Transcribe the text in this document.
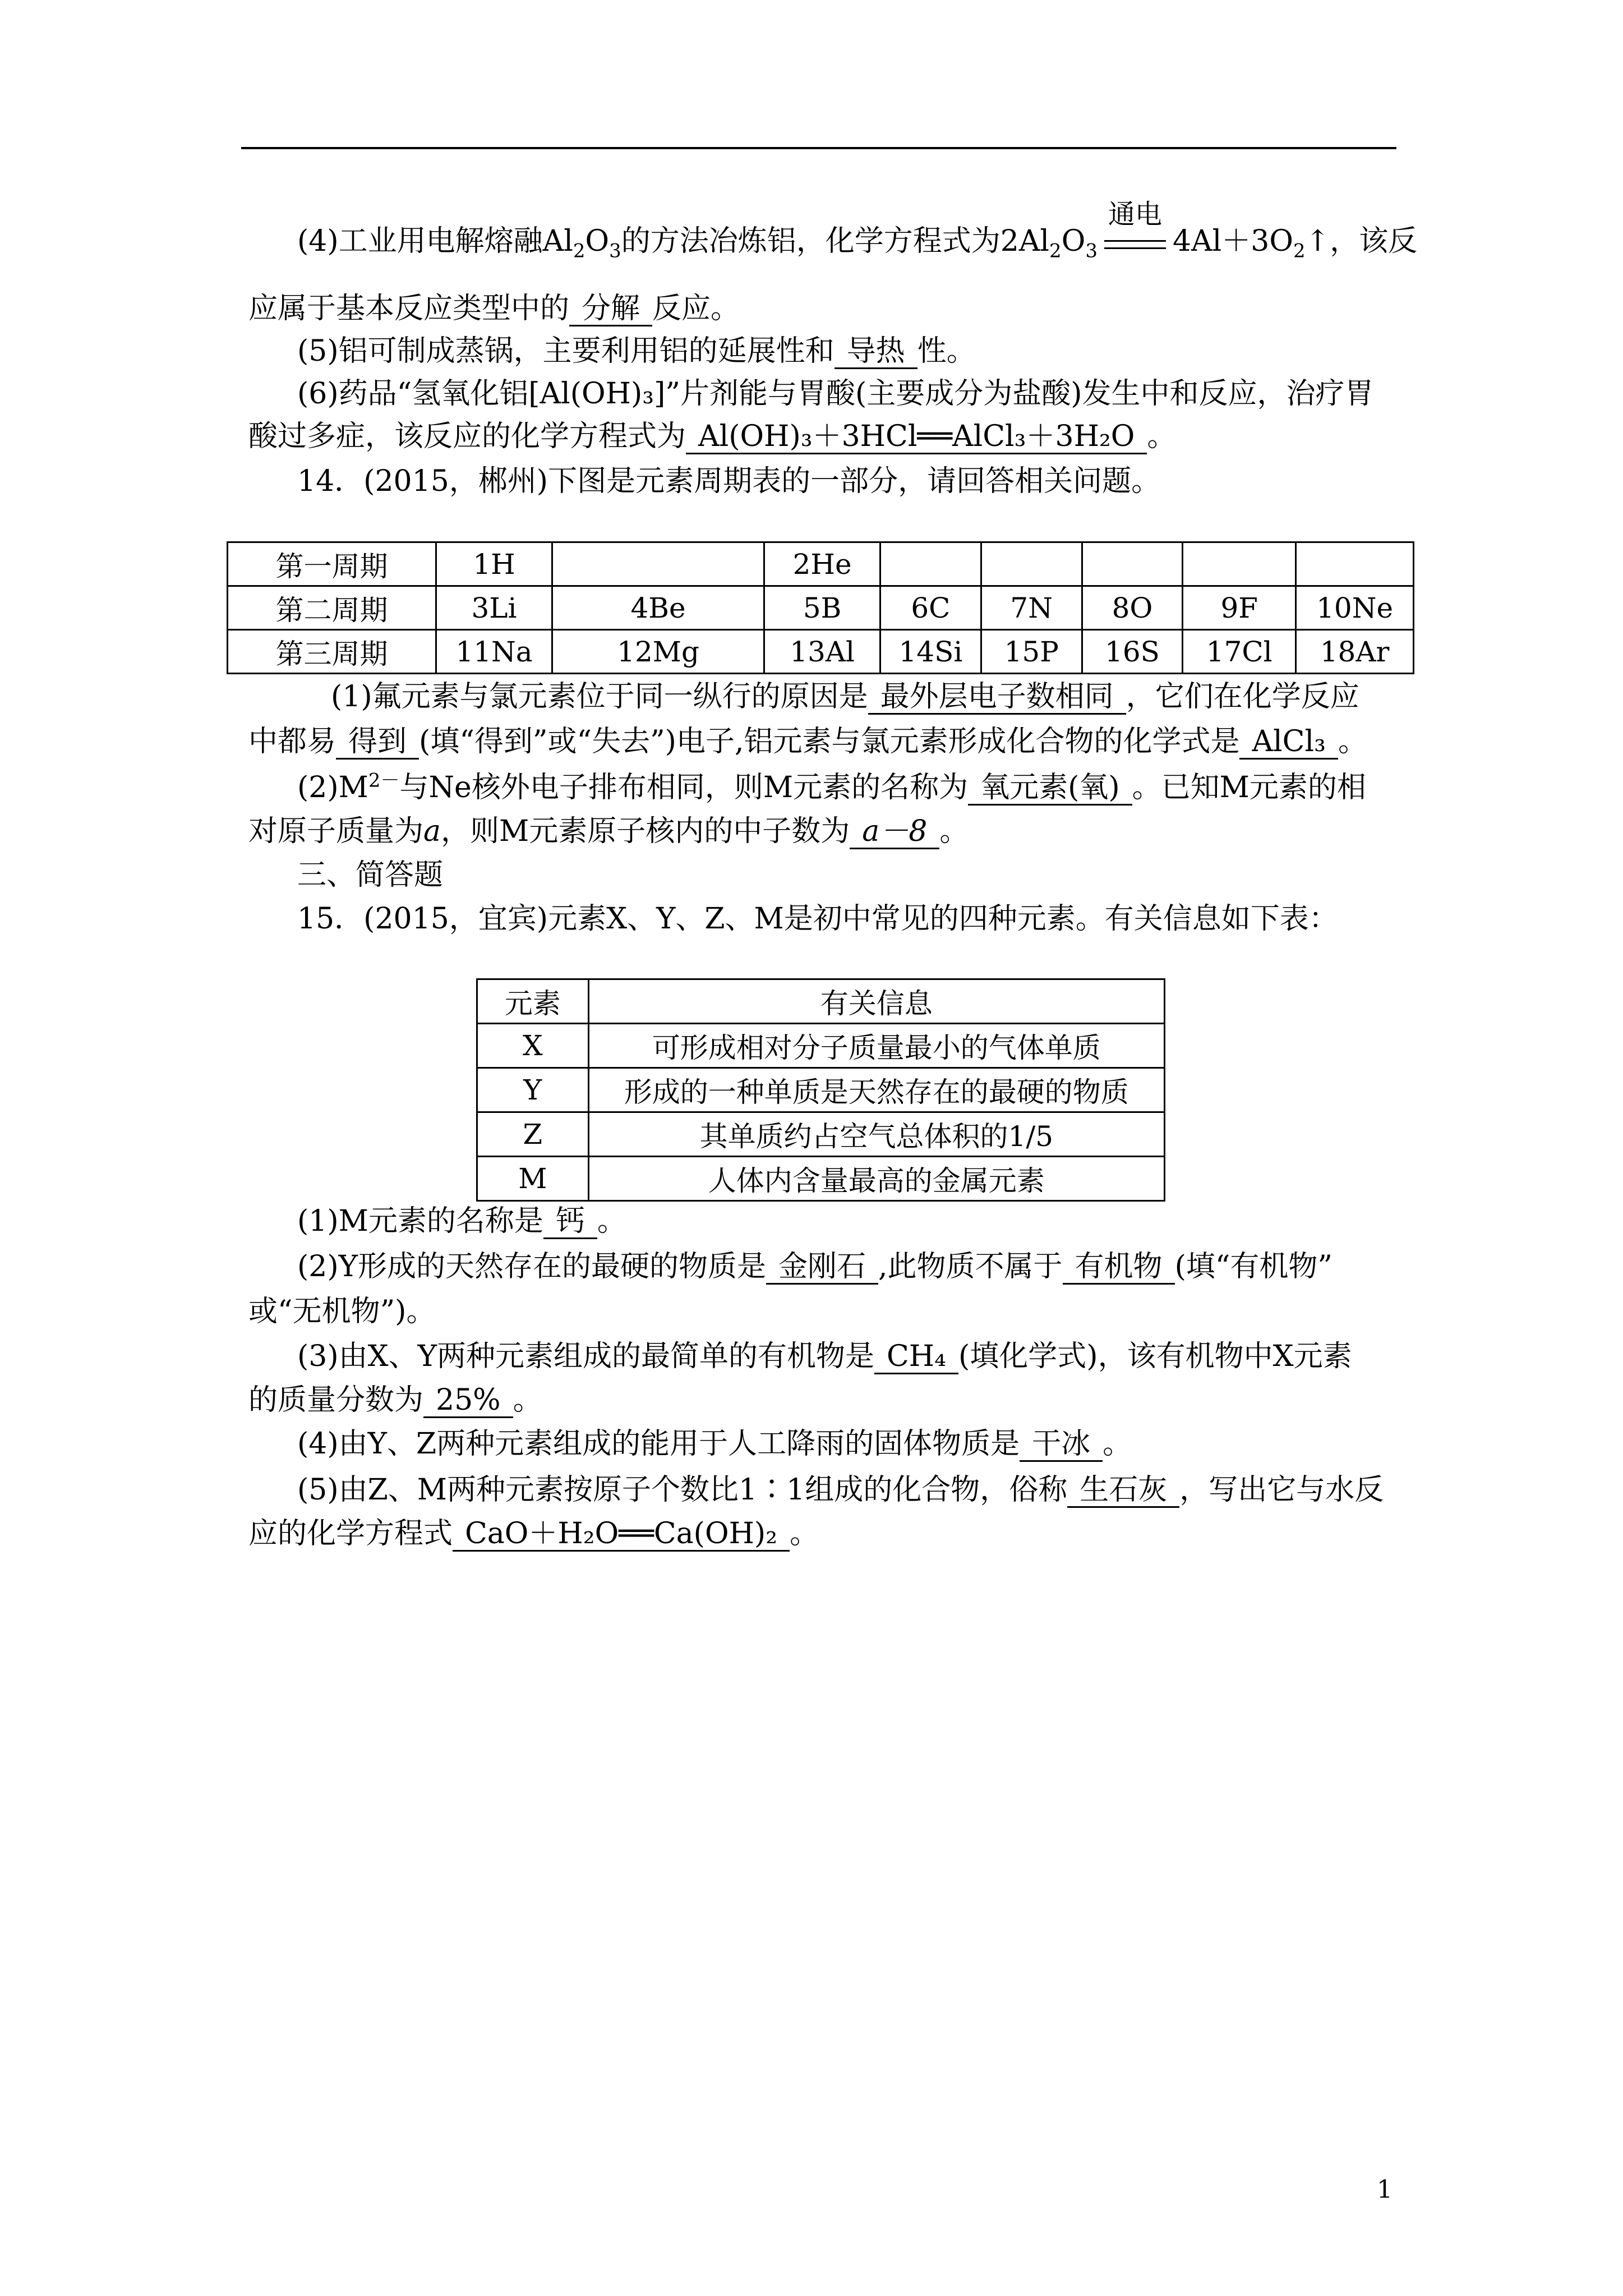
(4)工业用电解熔融$Al_2O_3$的方法冶炼铝，化学方程式为$2Al_2O_3$
通电
$4Al+3O_2↑$，该反
应属于基本反应类型中的 分解 反应。
(5)铝可制成蒸锅，主要利用铝的延展性和 导热 性。
(6)药品“氢氧化铝[Al(OH)₃]”片剂能与胃酸(主要成分为盐酸)发生中和反应，治疗胃
酸过多症，该反应的化学方程式为 Al(OH)₃＋3HCl══AlCl₃＋3H₂O 。
14．(2015，郴州)下图是元素周期表的一部分，请回答相关问题。
第一周期	1H		2He					
第二周期	3Li	4Be	5B	6C	7N	8O	9F	10Ne
第三周期	11Na	12Mg	13Al	14Si	15P	16S	17Cl	18Ar
(1)氟元素与氯元素位于同一纵行的原因是 最外层电子数相同 ，它们在化学反应
中都易 得到 (填“得到”或“失去”)电子,铝元素与氯元素形成化合物的化学式是 AlCl₃ 。
$(2)M^{2-}$与Ne核外电子排布相同，则M元素的名称为 氧元素(氧) 。已知M元素的相
对原子质量为a，则M元素原子核内的中子数为 a－8 。
三、简答题
15．(2015，宜宾)元素X、Y、Z、M是初中常见的四种元素。有关信息如下表：
元素	有关信息
X	可形成相对分子质量最小的气体单质
Y	形成的一种单质是天然存在的最硬的物质
Z	其单质约占空气总体积的1/5
M	人体内含量最高的金属元素
(1)M元素的名称是 钙 。
(2)Y形成的天然存在的最硬的物质是 金刚石 ,此物质不属于 有机物 (填“有机物”
或“无机物”)。
(3)由X、Y两种元素组成的最简单的有机物是 CH₄ (填化学式)，该有机物中X元素
的质量分数为 25% 。
(4)由Y、Z两种元素组成的能用于人工降雨的固体物质是 干冰 。
(5)由Z、M两种元素按原子个数比1∶1组成的化合物，俗称 生石灰 ，写出它与水反
应的化学方程式 CaO＋H₂O══Ca(OH)₂ 。
1
